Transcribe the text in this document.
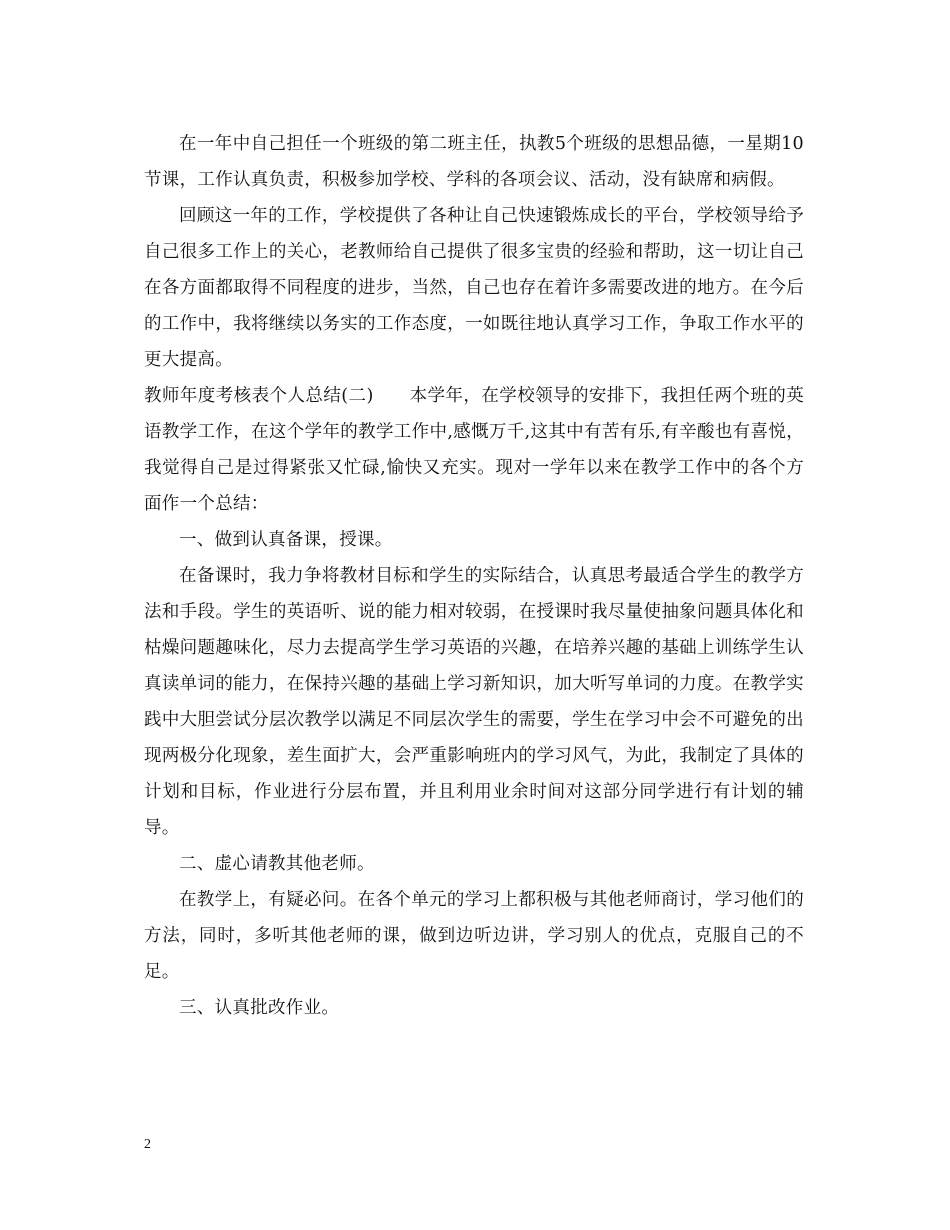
在一年中自己担任一个班级的第二班主任，执教5个班级的思想品德，一星期10节课，工作认真负责，积极参加学校、学科的各项会议、活动，没有缺席和病假。

回顾这一年的工作，学校提供了各种让自己快速锻炼成长的平台，学校领导给予自己很多工作上的关心，老教师给自己提供了很多宝贵的经验和帮助，这一切让自己在各方面都取得不同程度的进步，当然，自己也存在着许多需要改进的地方。在今后的工作中，我将继续以务实的工作态度，一如既往地认真学习工作，争取工作水平的更大提高。

教师年度考核表个人总结(二)　　本学年，在学校领导的安排下，我担任两个班的英语教学工作，在这个学年的教学工作中,感慨万千,这其中有苦有乐,有辛酸也有喜悦，我觉得自己是过得紧张又忙碌,愉快又充实。现对一学年以来在教学工作中的各个方面作一个总结：

一、做到认真备课，授课。

在备课时，我力争将教材目标和学生的实际结合，认真思考最适合学生的教学方法和手段。学生的英语听、说的能力相对较弱，在授课时我尽量使抽象问题具体化和枯燥问题趣味化，尽力去提高学生学习英语的兴趣，在培养兴趣的基础上训练学生认真读单词的能力，在保持兴趣的基础上学习新知识，加大听写单词的力度。在教学实践中大胆尝试分层次教学以满足不同层次学生的需要，学生在学习中会不可避免的出现两极分化现象，差生面扩大，会严重影响班内的学习风气，为此，我制定了具体的计划和目标，作业进行分层布置，并且利用业余时间对这部分同学进行有计划的辅导。

二、虚心请教其他老师。

在教学上，有疑必问。在各个单元的学习上都积极与其他老师商讨，学习他们的方法，同时，多听其他老师的课，做到边听边讲，学习别人的优点，克服自己的不足。

三、认真批改作业。

2
